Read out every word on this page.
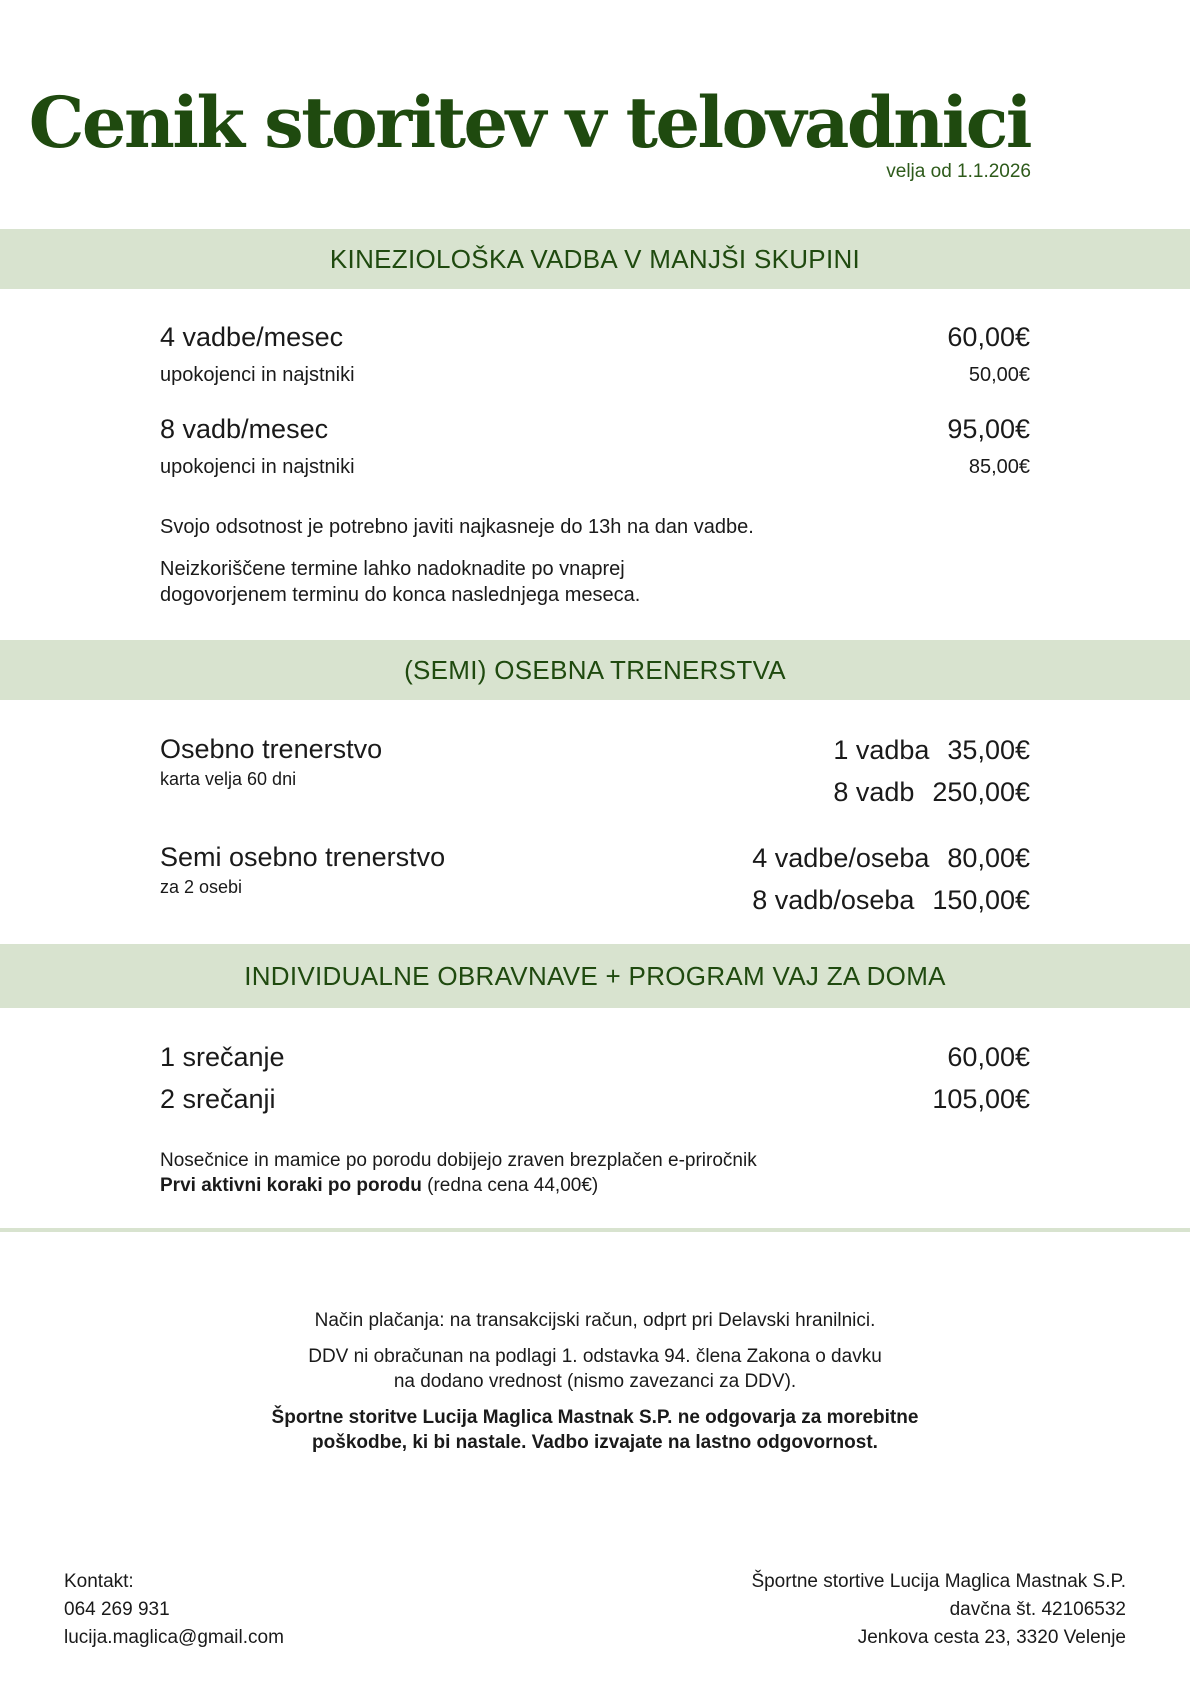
Cenik storitev v telovadnici
velja od 1.1.2026
KINEZIOLOŠKA VADBA V MANJŠI SKUPINI
4 vadbe/mesec	60,00€
upokojenci in najstniki	50,00€
8 vadb/mesec	95,00€
upokojenci in najstniki	85,00€
Svojo odsotnost je potrebno javiti najkasneje do 13h na dan vadbe.
Neizkoriščene termine lahko nadoknadite po vnaprej
dogovorjenem terminu do konca naslednjega meseca.
(SEMI) OSEBNA TRENERSTVA
Osebno trenerstvo
karta velja 60 dni
1 vadba 35,00€
8 vadb 250,00€
Semi osebno trenerstvo
za 2 osebi
4 vadbe/oseba 80,00€
8 vadb/oseba 150,00€
INDIVIDUALNE OBRAVNAVE + PROGRAM VAJ ZA DOMA
1 srečanje	60,00€
2 srečanji	105,00€
Nosečnice in mamice po porodu dobijejo zraven brezplačen e-priročnik
Prvi aktivni koraki po porodu (redna cena 44,00€)
Način plačanja: na transakcijski račun, odprt pri Delavski hranilnici.
DDV ni obračunan na podlagi 1. odstavka 94. člena Zakona o davku
na dodano vrednost (nismo zavezanci za DDV).
Športne storitve Lucija Maglica Mastnak S.P. ne odgovarja za morebitne
poškodbe, ki bi nastale. Vadbo izvajate na lastno odgovornost.
Kontakt:
064 269 931
lucija.maglica@gmail.com
Športne stortive Lucija Maglica Mastnak S.P.
davčna št. 42106532
Jenkova cesta 23, 3320 Velenje
